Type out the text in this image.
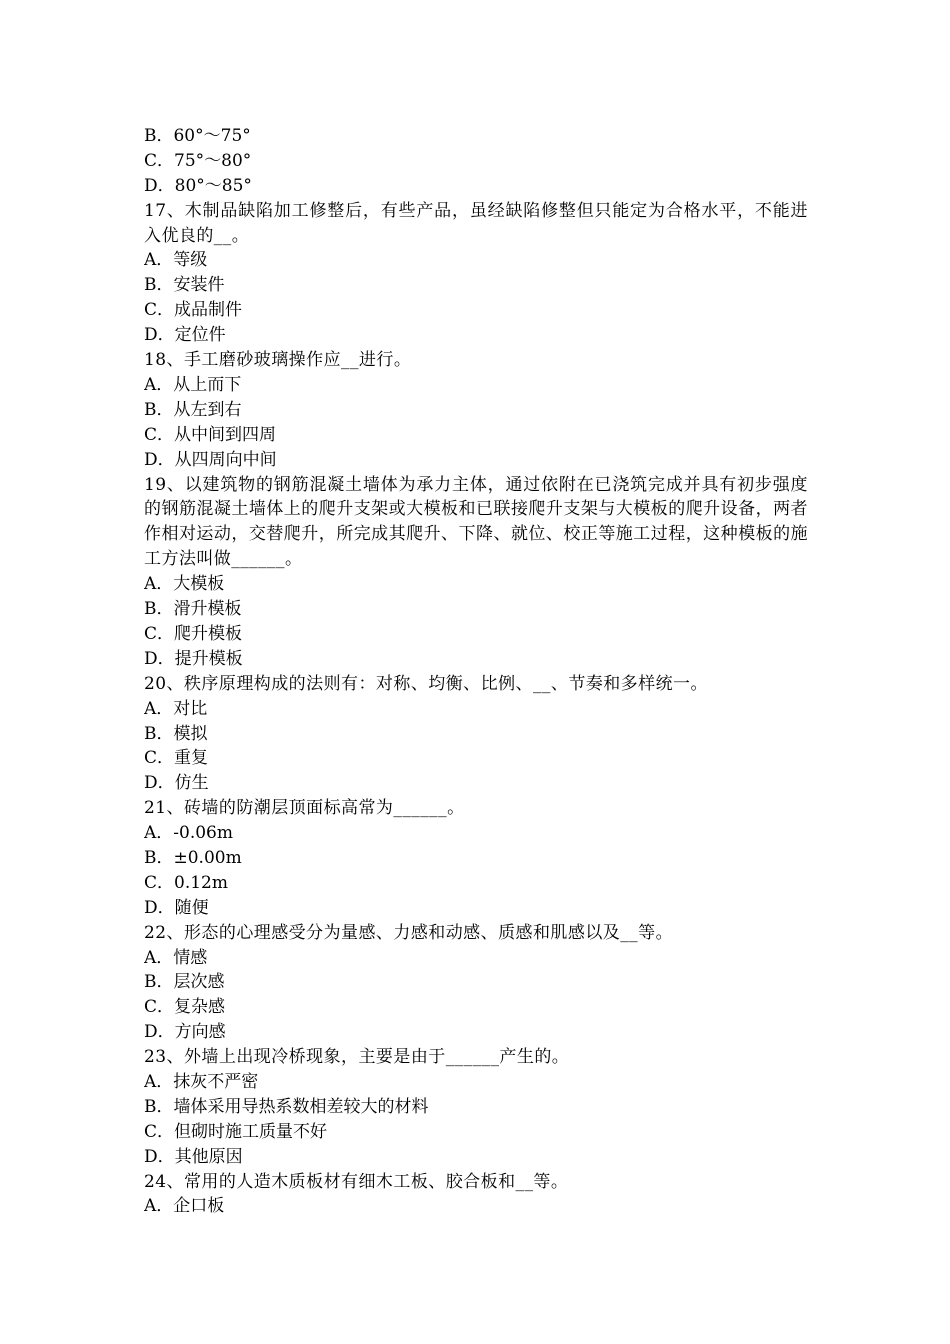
B．60°～75°
C．75°～80°
D．80°～85°
17、木制品缺陷加工修整后，有些产品，虽经缺陷修整但只能定为合格水平，不能进入优良的__。
A．等级
B．安装件
C．成品制件
D．定位件
18、手工磨砂玻璃操作应__进行。
A．从上而下
B．从左到右
C．从中间到四周
D．从四周向中间
19、以建筑物的钢筋混凝土墙体为承力主体，通过依附在已浇筑完成并具有初步强度的钢筋混凝土墙体上的爬升支架或大模板和已联接爬升支架与大模板的爬升设备，两者作相对运动，交替爬升，所完成其爬升、下降、就位、校正等施工过程，这种模板的施工方法叫做______。
A．大模板
B．滑升模板
C．爬升模板
D．提升模板
20、秩序原理构成的法则有：对称、均衡、比例、__、节奏和多样统一。
A．对比
B．模拟
C．重复
D．仿生
21、砖墙的防潮层顶面标高常为______。
A．-0.06m
B．±0.00m
C．0.12m
D．随便
22、形态的心理感受分为量感、力感和动感、质感和肌感以及__等。
A．情感
B．层次感
C．复杂感
D．方向感
23、外墙上出现冷桥现象，主要是由于______产生的。
A．抹灰不严密
B．墙体采用导热系数相差较大的材料
C．但砌时施工质量不好
D．其他原因
24、常用的人造木质板材有细木工板、胶合板和__等。
A．企口板
